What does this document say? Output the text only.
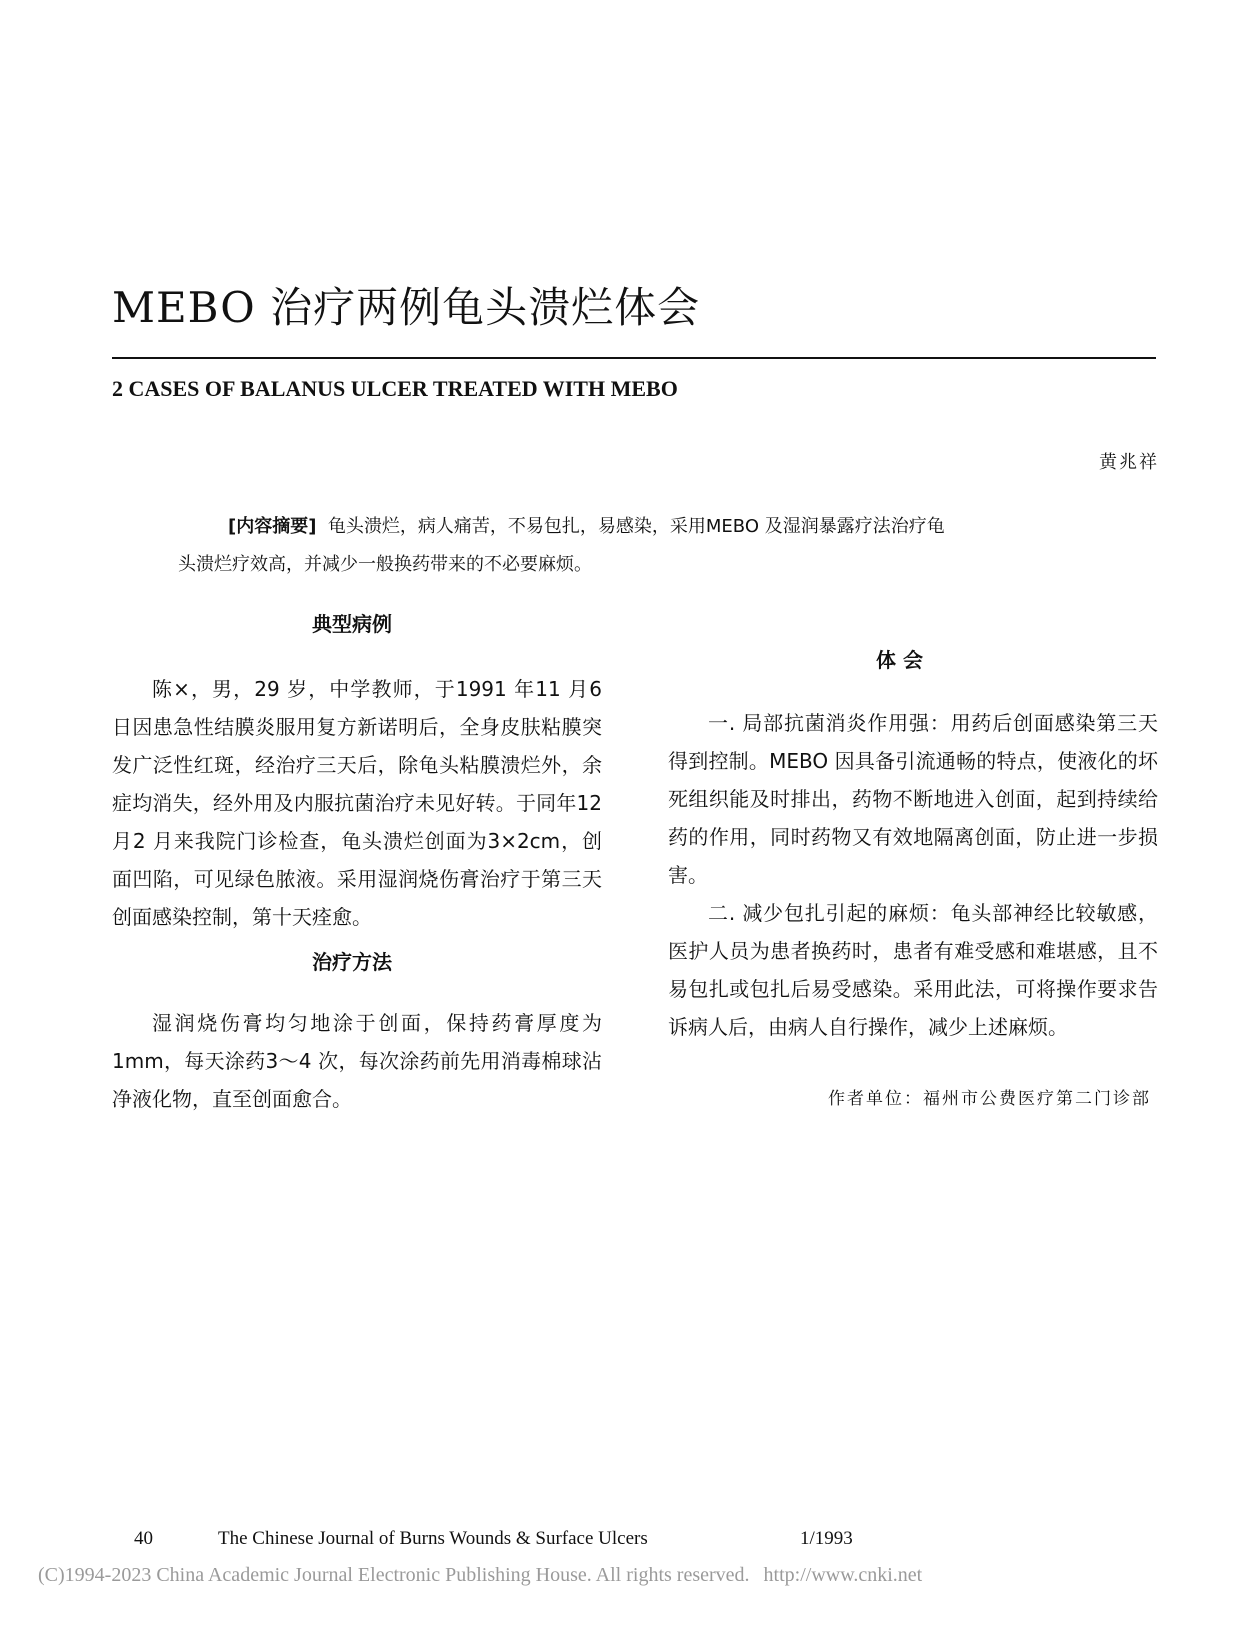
MEBO 治疗两例龟头溃烂体会
2 CASES OF BALANUS ULCER TREATED WITH MEBO
黄兆祥
[内容摘要] 龟头溃烂，病人痛苦，不易包扎，易感染，采用MEBO 及湿润暴露疗法治疗龟
头溃烂疗效高，并减少一般换药带来的不必要麻烦。
典型病例
陈×，男，29 岁，中学教师，于1991 年11 月6 日因患急性结膜炎服用复方新诺明后，全身皮肤粘膜突发广泛性红斑，经治疗三天后，除龟头粘膜溃烂外，余症均消失，经外用及内服抗菌治疗未见好转。于同年12 月2 月来我院门诊检查，龟头溃烂创面为3×2cm，创面凹陷，可见绿色脓液。采用湿润烧伤膏治疗于第三天创面感染控制，第十天痊愈。
治疗方法
湿润烧伤膏均匀地涂于创面，保持药膏厚度为1mm，每天涂药3～4 次，每次涂药前先用消毒棉球沾净液化物，直至创面愈合。
体 会
一. 局部抗菌消炎作用强：用药后创面感染第三天得到控制。MEBO 因具备引流通畅的特点，使液化的坏死组织能及时排出，药物不断地进入创面，起到持续给药的作用，同时药物又有效地隔离创面，防止进一步损害。
二. 减少包扎引起的麻烦：龟头部神经比较敏感，医护人员为患者换药时，患者有难受感和难堪感，且不易包扎或包扎后易受感染。采用此法，可将操作要求告诉病人后，由病人自行操作，减少上述麻烦。
作者单位：福州市公费医疗第二门诊部
40	The Chinese Journal of Burns Wounds & Surface Ulcers	1/1993
(C)1994-2023 China Academic Journal Electronic Publishing House. All rights reserved. http://www.cnki.net
